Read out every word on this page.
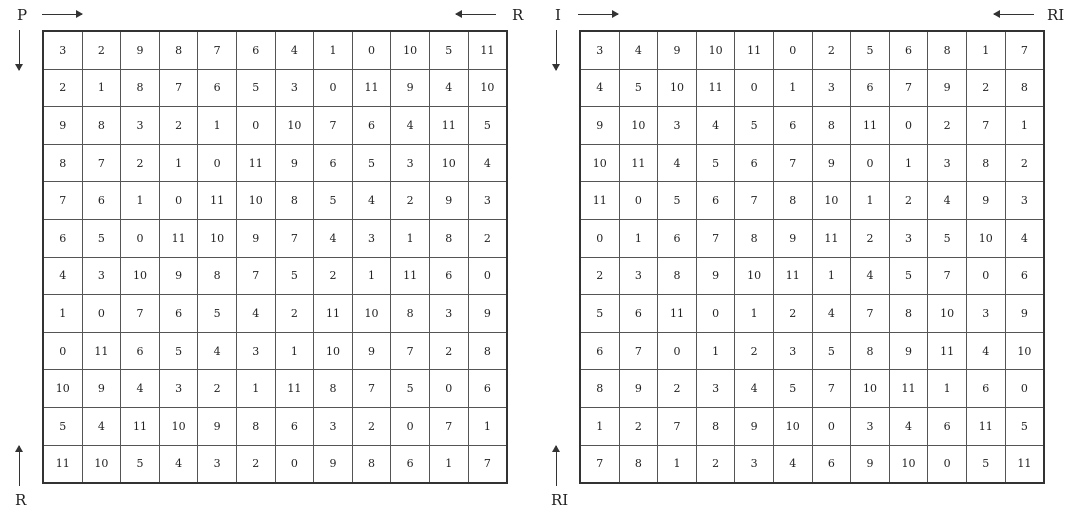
P	R
3	2	9	8	7	6	4	1	0	10	5	11
2	1	8	7	6	5	3	0	11	9	4	10
9	8	3	2	1	0	10	7	6	4	11	5
8	7	2	1	0	11	9	6	5	3	10	4
7	6	1	0	11	10	8	5	4	2	9	3
6	5	0	11	10	9	7	4	3	1	8	2
4	3	10	9	8	7	5	2	1	11	6	0
1	0	7	6	5	4	2	11	10	8	3	9
0	11	6	5	4	3	1	10	9	7	2	8
10	9	4	3	2	1	11	8	7	5	0	6
5	4	11	10	9	8	6	3	2	0	7	1
11	10	5	4	3	2	0	9	8	6	1	7
R
I	RI
3	4	9	10	11	0	2	5	6	8	1	7
4	5	10	11	0	1	3	6	7	9	2	8
9	10	3	4	5	6	8	11	0	2	7	1
10	11	4	5	6	7	9	0	1	3	8	2
11	0	5	6	7	8	10	1	2	4	9	3
0	1	6	7	8	9	11	2	3	5	10	4
2	3	8	9	10	11	1	4	5	7	0	6
5	6	11	0	1	2	4	7	8	10	3	9
6	7	0	1	2	3	5	8	9	11	4	10
8	9	2	3	4	5	7	10	11	1	6	0
1	2	7	8	9	10	0	3	4	6	11	5
7	8	1	2	3	4	6	9	10	0	5	11
RI
